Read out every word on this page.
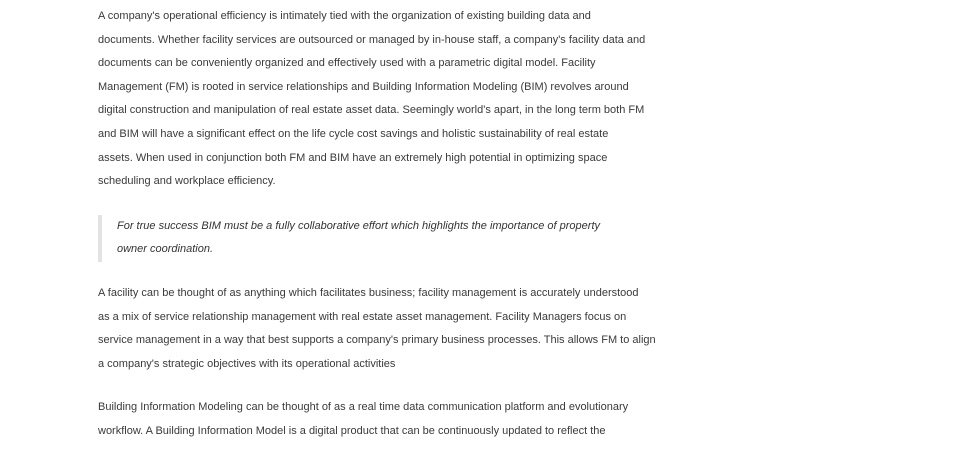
A company's operational efficiency is intimately tied with the organization of existing building data and
documents. Whether facility services are outsourced or managed by in-house staff, a company's facility data and
documents can be conveniently organized and effectively used with a parametric digital model. Facility
Management (FM) is rooted in service relationships and Building Information Modeling (BIM) revolves around
digital construction and manipulation of real estate asset data. Seemingly world's apart, in the long term both FM
and BIM will have a significant effect on the life cycle cost savings and holistic sustainability of real estate
assets. When used in conjunction both FM and BIM have an extremely high potential in optimizing space
scheduling and workplace efficiency.

For true success BIM must be a fully collaborative effort which highlights the importance of property
owner coordination.

A facility can be thought of as anything which facilitates business; facility management is accurately understood
as a mix of service relationship management with real estate asset management. Facility Managers focus on
service management in a way that best supports a company's primary business processes. This allows FM to align
a company's strategic objectives with its operational activities

Building Information Modeling can be thought of as a real time data communication platform and evolutionary
workflow. A Building Information Model is a digital product that can be continuously updated to reflect the
